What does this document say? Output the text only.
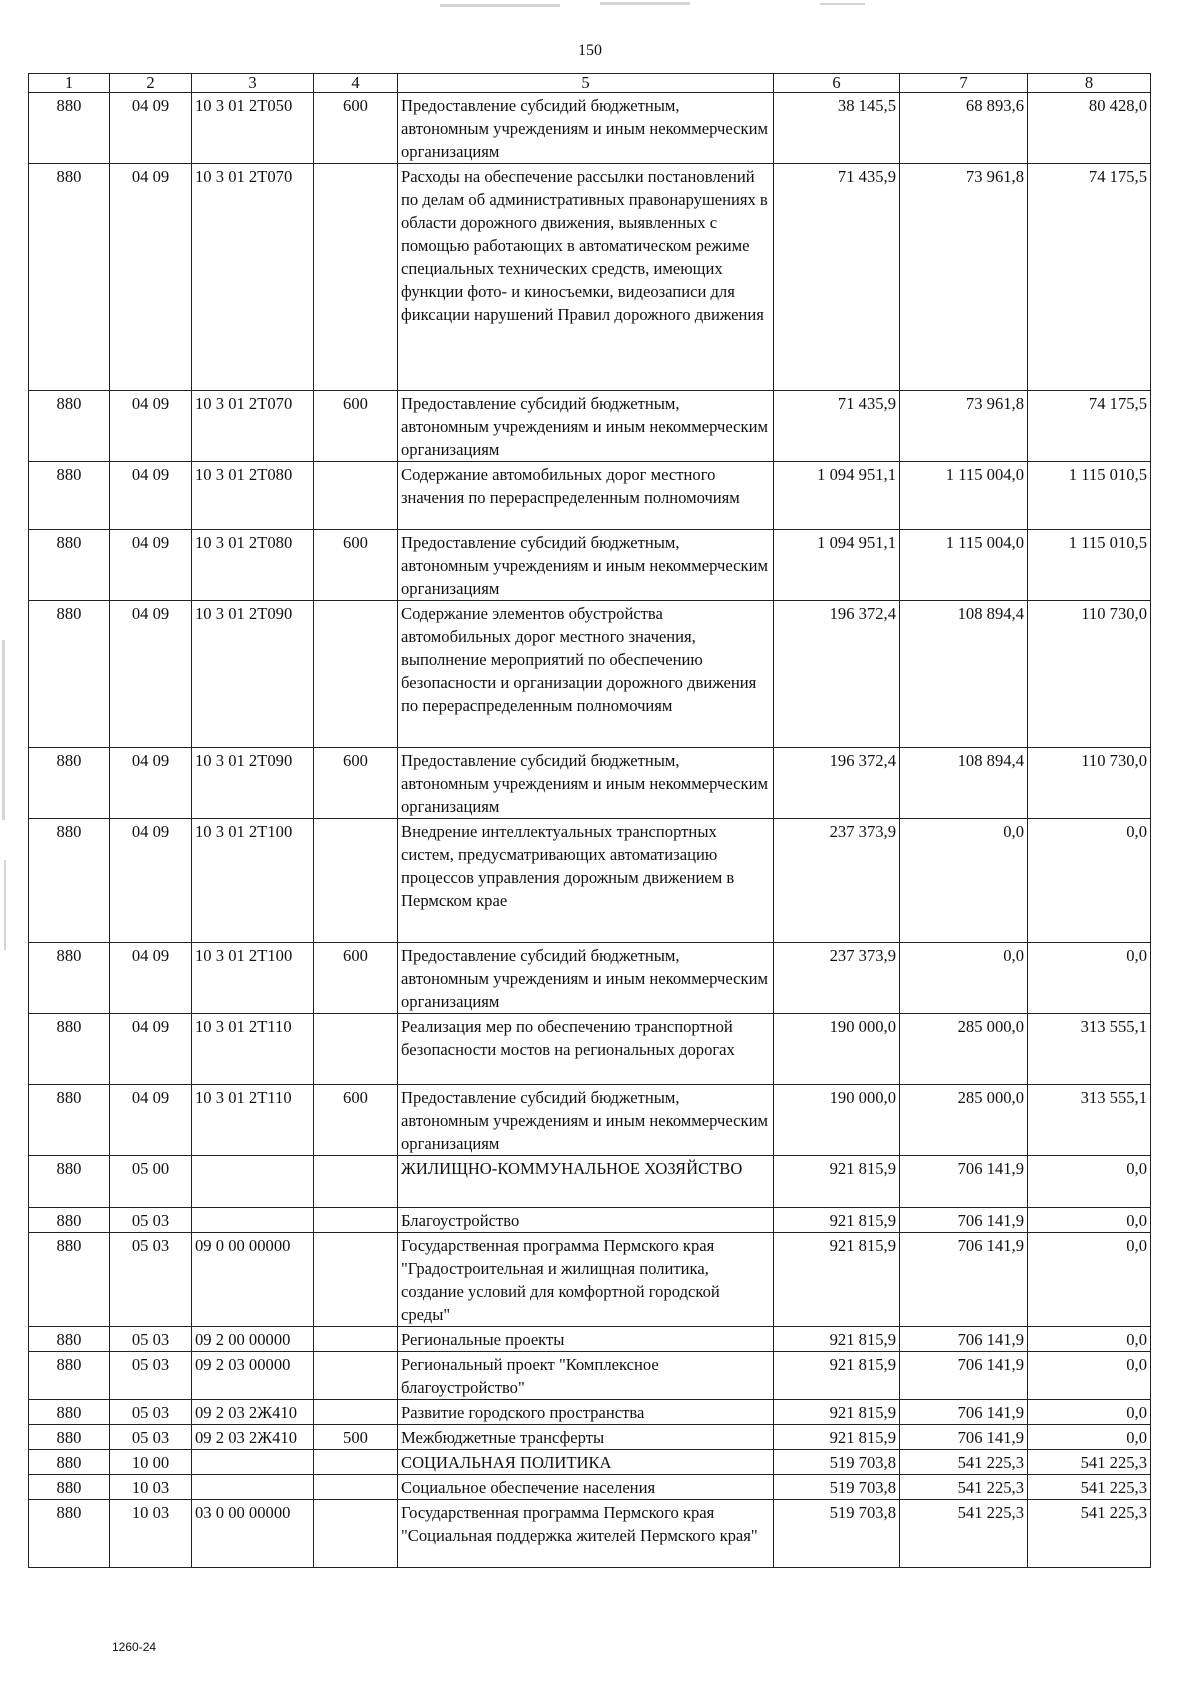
150
1	2	3	4	5	6	7	8
880	04 09	10 3 01 2Т050	600	Предоставление субсидий бюджетным, автономным учреждениям и иным некоммерческим организациям	38 145,5	68 893,6	80 428,0
880	04 09	10 3 01 2Т070		Расходы на обеспечение рассылки постановлений по делам об административных правонарушениях в области дорожного движения, выявленных с помощью работающих в автоматическом режиме специальных технических средств, имеющих функции фото- и киносъемки, видеозаписи для фиксации нарушений Правил дорожного движения	71 435,9	73 961,8	74 175,5
880	04 09	10 3 01 2Т070	600	Предоставление субсидий бюджетным, автономным учреждениям и иным некоммерческим организациям	71 435,9	73 961,8	74 175,5
880	04 09	10 3 01 2Т080		Содержание автомобильных дорог местного значения по перераспределенным полномочиям	1 094 951,1	1 115 004,0	1 115 010,5
880	04 09	10 3 01 2Т080	600	Предоставление субсидий бюджетным, автономным учреждениям и иным некоммерческим организациям	1 094 951,1	1 115 004,0	1 115 010,5
880	04 09	10 3 01 2Т090		Содержание элементов обустройства автомобильных дорог местного значения, выполнение мероприятий по обеспечению безопасности и организации дорожного движения по перераспределенным полномочиям	196 372,4	108 894,4	110 730,0
880	04 09	10 3 01 2Т090	600	Предоставление субсидий бюджетным, автономным учреждениям и иным некоммерческим организациям	196 372,4	108 894,4	110 730,0
880	04 09	10 3 01 2Т100		Внедрение интеллектуальных транспортных систем, предусматривающих автоматизацию процессов управления дорожным движением в Пермском крае	237 373,9	0,0	0,0
880	04 09	10 3 01 2Т100	600	Предоставление субсидий бюджетным, автономным учреждениям и иным некоммерческим организациям	237 373,9	0,0	0,0
880	04 09	10 3 01 2Т110		Реализация мер по обеспечению транспортной безопасности мостов на региональных дорогах	190 000,0	285 000,0	313 555,1
880	04 09	10 3 01 2Т110	600	Предоставление субсидий бюджетным, автономным учреждениям и иным некоммерческим организациям	190 000,0	285 000,0	313 555,1
880	05 00			ЖИЛИЩНО-КОММУНАЛЬНОЕ ХОЗЯЙСТВО	921 815,9	706 141,9	0,0
880	05 03			Благоустройство	921 815,9	706 141,9	0,0
880	05 03	09 0 00 00000		Государственная программа Пермского края "Градостроительная и жилищная политика, создание условий для комфортной городской среды"	921 815,9	706 141,9	0,0
880	05 03	09 2 00 00000		Региональные проекты	921 815,9	706 141,9	0,0
880	05 03	09 2 03 00000		Региональный проект "Комплексное благоустройство"	921 815,9	706 141,9	0,0
880	05 03	09 2 03 2Ж410		Развитие городского пространства	921 815,9	706 141,9	0,0
880	05 03	09 2 03 2Ж410	500	Межбюджетные трансферты	921 815,9	706 141,9	0,0
880	10 00			СОЦИАЛЬНАЯ ПОЛИТИКА	519 703,8	541 225,3	541 225,3
880	10 03			Социальное обеспечение населения	519 703,8	541 225,3	541 225,3
880	10 03	03 0 00 00000		Государственная программа Пермского края "Социальная поддержка жителей Пермского края"	519 703,8	541 225,3	541 225,3
1260-24
